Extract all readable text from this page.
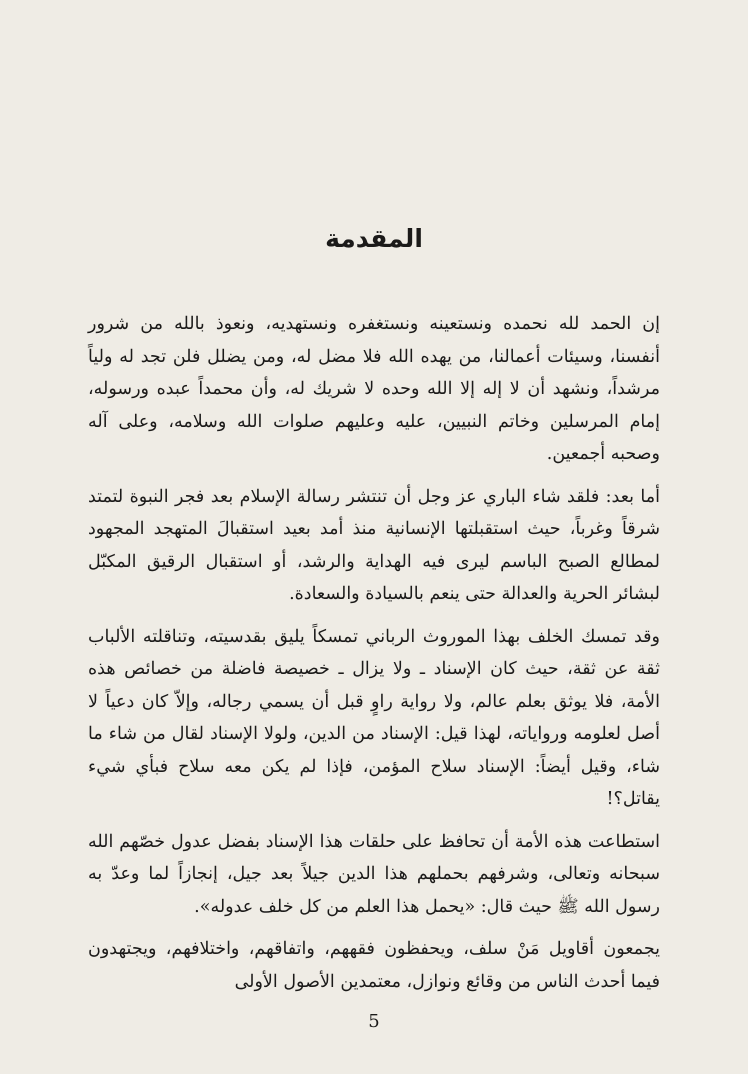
المقدمة

إن الحمد لله نحمده ونستعينه ونستغفره ونستهديه، ونعوذ بالله من شرور أنفسنا، وسيئات أعمالنا، من يهده الله فلا مضل له، ومن يضلل فلن تجد له ولياً مرشداً، ونشهد أن لا إله إلا الله وحده لا شريك له، وأن محمداً عبده ورسوله، إمام المرسلين وخاتم النبيين، عليه وعليهم صلوات الله وسلامه، وعلى آله وصحبه أجمعين.

أما بعد: فلقد شاء الباري عز وجل أن تنتشر رسالة الإسلام بعد فجر النبوة لتمتد شرقاً وغرباً، حيث استقبلتها الإنسانية منذ أمد بعيد استقبالَ المتهجد المجهود لمطالع الصبح الباسم ليرى فيه الهداية والرشد، أو استقبال الرقيق المكبّل لبشائر الحرية والعدالة حتى ينعم بالسيادة والسعادة.

وقد تمسك الخلف بهذا الموروث الرباني تمسكاً يليق بقدسيته، وتناقلته الألباب ثقة عن ثقة، حيث كان الإسناد ـ ولا يزال ـ خصيصة فاضلة من خصائص هذه الأمة، فلا يوثق بعلم عالم، ولا رواية راوٍ قبل أن يسمي رجاله، وإلاّ كان دعياً لا أصل لعلومه ورواياته، لهذا قيل: الإسناد من الدين، ولولا الإسناد لقال من شاء ما شاء، وقيل أيضاً: الإسناد سلاح المؤمن، فإذا لم يكن معه سلاح فبأي شيء يقاتل؟!

استطاعت هذه الأمة أن تحافظ على حلقات هذا الإسناد بفضل عدول خصّهم الله سبحانه وتعالى، وشرفهم بحملهم هذا الدين جيلاً بعد جيل، إنجازاً لما وعدّ به رسول الله ﷺ حيث قال: «يحمل هذا العلم من كل خلف عدوله».

يجمعون أقاويل مَنْ سلف، ويحفظون فقههم، واتفاقهم، واختلافهم، ويجتهدون فيما أحدث الناس من وقائع ونوازل، معتمدين الأصول الأولى

5
